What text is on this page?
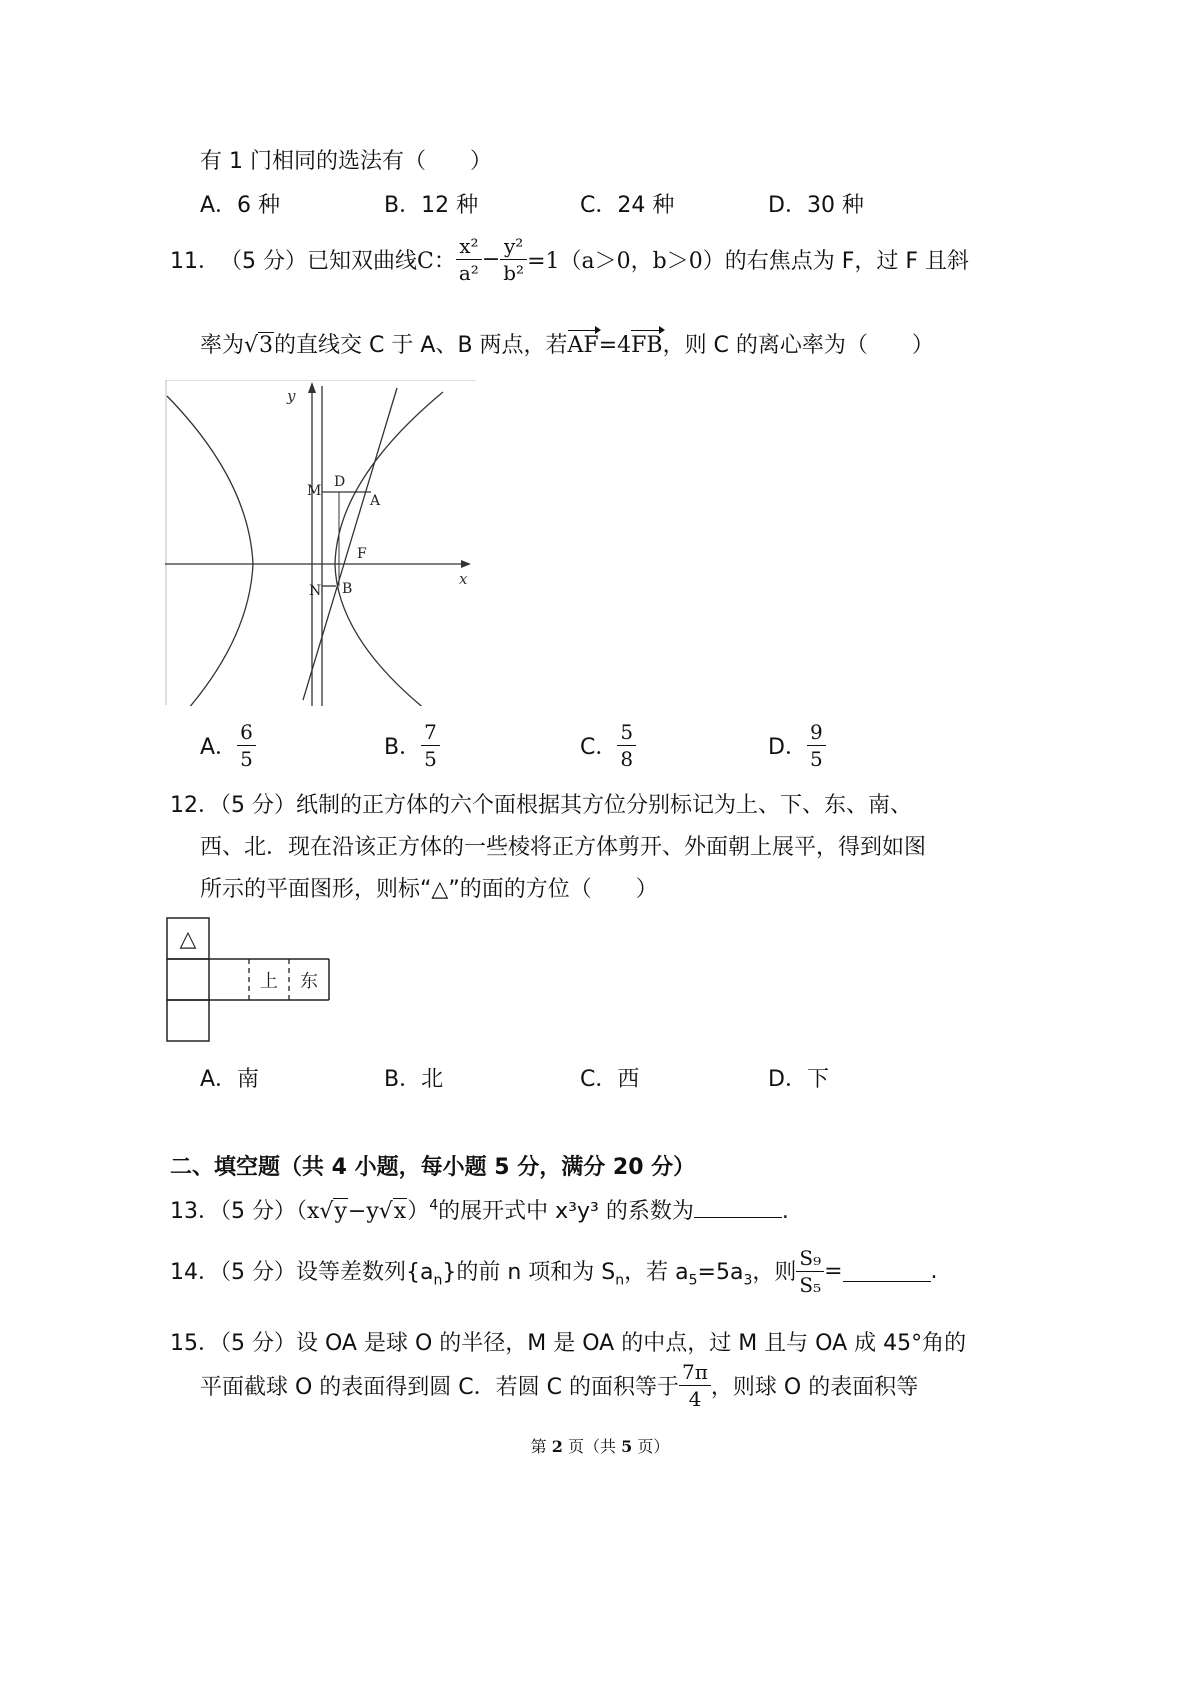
有 1 门相同的选法有（　　）
A．6 种	B．12 种	C．24 种	D．30 种
11． （5 分） 已知双曲线 C： $\frac{\text{x²}}{\text{a²}} - \frac{\text{y²}}{\text{b²}} =1(a>0$，b＞0） 的右焦点为 F，过 F 且斜
率为√3的直线交 C 于 A、B 两点，若AF=4FB，则 C 的离心率为（　　）
y
x
M
D
A
F
N B
A． $\frac{6}{5}$	B． $\frac{7}{5}$	C． $\frac{5}{8}$	D． $\frac{9}{5}$
12．（5 分）纸制的正方体的六个面根据其方位分别标记为上、下、东、南、
西、北．现在沿该正方体的一些棱将正方体剪开、外面朝上展平，得到如图
所示的平面图形，则标“△”的面的方位（　　）
△
上 东
A．南	B．北	C．西	D．下
二、填空题（共 4 小题，每小题 5 分，满分 20 分）
13．（5 分）$(x√y-y√x)^4$的展开式中 x³y³ 的系数为	.
14．（5 分）设等差数列$\{a_n\}$的前 n 项和为 $S_n$，若 $a_5=5a_3$，则 $\frac{\text{S₉}}{\text{S₅}}$ =	.
15．（5 分）设 OA 是球 O 的半径，M 是 OA 的中点，过 M 且与 OA 成 45°角的
平面截球 O 的表面得到圆 C．若圆 C 的面积等于 $\frac{7\pi}{4}$ ，则球 O 的表面积等
第 2 页（共 5 页）
